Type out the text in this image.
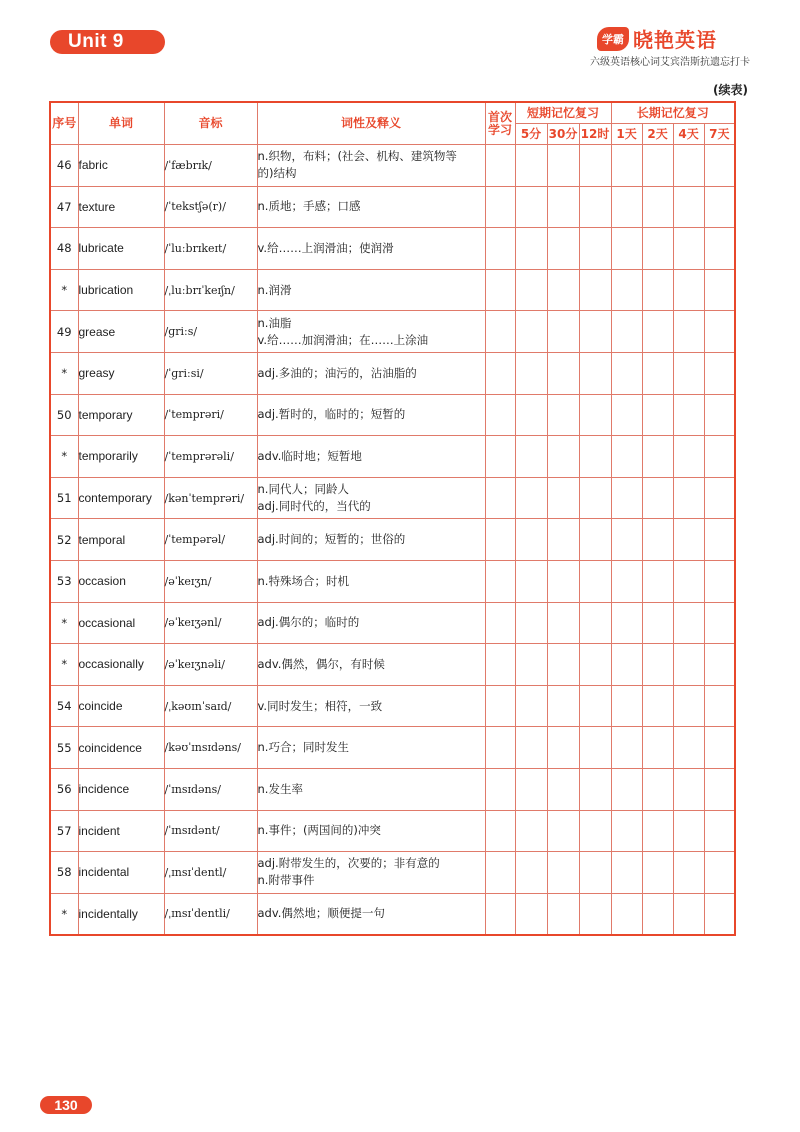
Unit 9	学霸 晓艳英语
六级英语核心词艾宾浩斯抗遗忘打卡
(续表)
序号	单词	音标	词性及释义	首次学习	短期记忆复习			长期记忆复习			
					5分	30分	12时	1天	2天	4天	7天
46	fabric	/ˈfæbrɪk/	n.织物，布料；(社会、机构、建筑物等
的)结构								

47	texture	/ˈtekstʃə(r)/	n.质地；手感；口感								

48	lubricate	/ˈluːbrɪkeɪt/	v.给……上润滑油；使润滑								

*	lubrication	/ˌluːbrɪˈkeɪʃn/	n.润滑								

49	grease	/ɡriːs/	n.油脂
v.给……加润滑油；在……上涂油								

*	greasy	/ˈɡriːsi/	adj.多油的；油污的，沾油脂的								

50	temporary	/ˈtemprəri/	adj.暂时的，临时的；短暂的								

*	temporarily	/ˈtemprərəli/	adv.临时地；短暂地								

51	contemporary	/kənˈtemprəri/	n.同代人；同龄人
adj.同时代的，当代的								

52	temporal	/ˈtempərəl/	adj.时间的；短暂的；世俗的								

53	occasion	/əˈkeɪʒn/	n.特殊场合；时机								

*	occasional	/əˈkeɪʒənl/	adj.偶尔的；临时的								

*	occasionally	/əˈkeɪʒnəli/	adv.偶然，偶尔，有时候								

54	coincide	/ˌkəʊɪnˈsaɪd/	v.同时发生；相符，一致								

55	coincidence	/kəʊˈɪnsɪdəns/	n.巧合；同时发生								

56	incidence	/ˈɪnsɪdəns/	n.发生率								

57	incident	/ˈɪnsɪdənt/	n.事件；(两国间的)冲突								

58	incidental	/ˌɪnsɪˈdentl/	adj.附带发生的，次要的；非有意的
n.附带事件								

*	incidentally	/ˌɪnsɪˈdentli/	adv.偶然地；顺便提一句								

130
